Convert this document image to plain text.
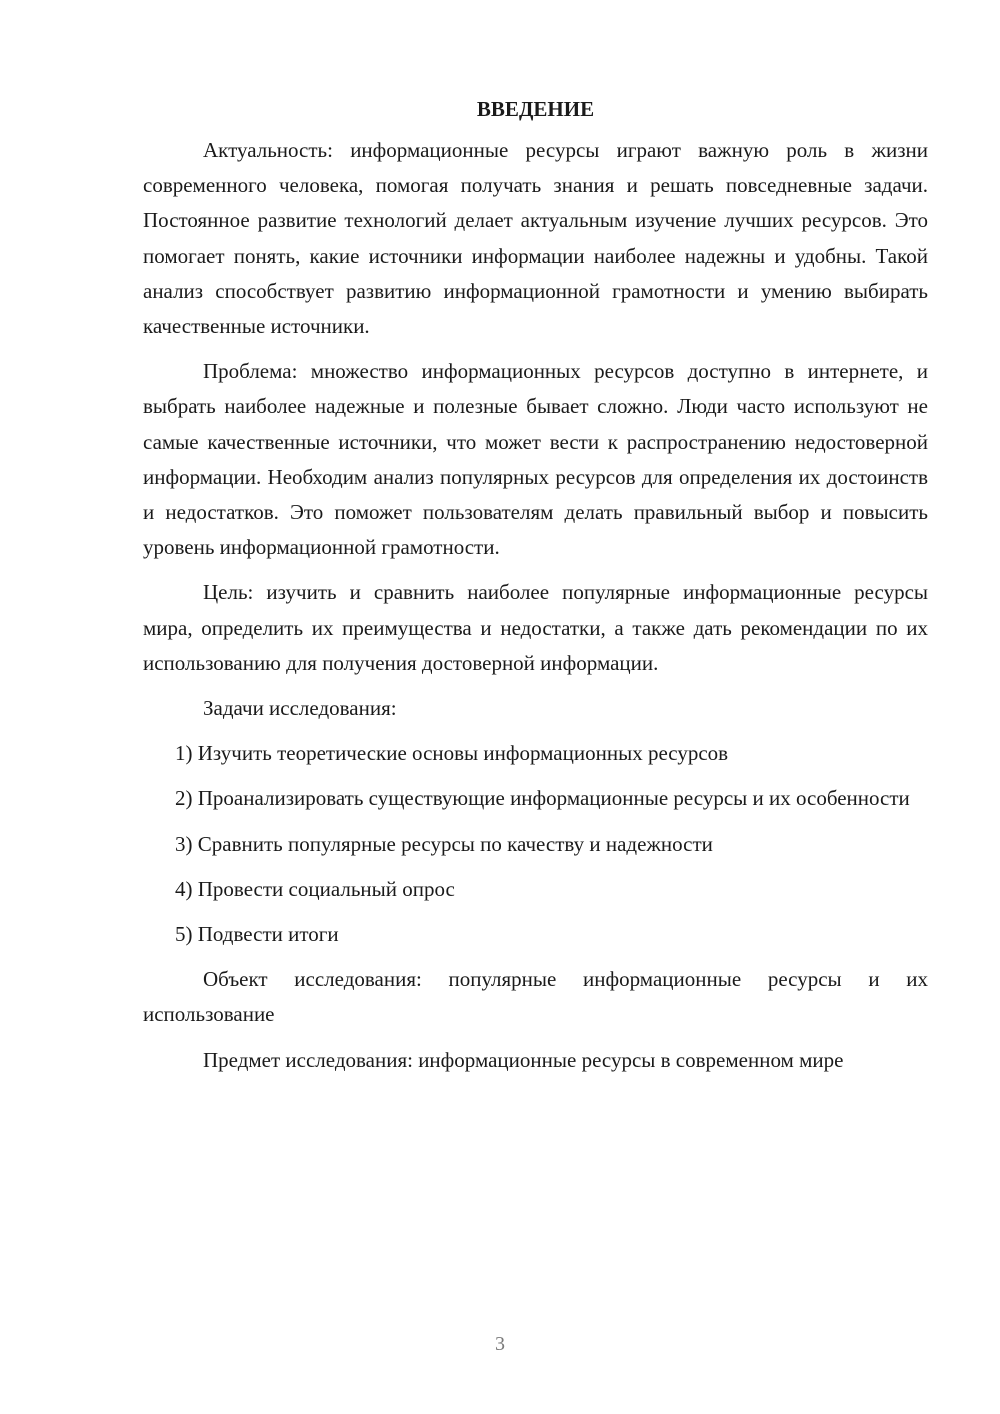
ВВЕДЕНИЕ

Актуальность: информационные ресурсы играют важную роль в жизни современного человека, помогая получать знания и решать повседневные задачи. Постоянное развитие технологий делает актуальным изучение лучших ресурсов. Это помогает понять, какие источники информации наиболее надежны и удобны. Такой анализ способствует развитию информационной грамотности и умению выбирать качественные источники.

Проблема: множество информационных ресурсов доступно в интернете, и выбрать наиболее надежные и полезные бывает сложно. Люди часто используют не самые качественные источники, что может вести к распространению недостоверной информации. Необходим анализ популярных ресурсов для определения их достоинств и недостатков. Это поможет пользователям делать правильный выбор и повысить уровень информационной грамотности.

Цель: изучить и сравнить наиболее популярные информационные ресурсы мира, определить их преимущества и недостатки, а также дать рекомендации по их использованию для получения достоверной информации.

Задачи исследования:

1) Изучить теоретические основы информационных ресурсов

2) Проанализировать существующие информационные ресурсы и их особенности

3) Сравнить популярные ресурсы по качеству и надежности

4) Провести социальный опрос

5) Подвести итоги

Объект исследования: популярные информационные ресурсы и их использование

Предмет исследования: информационные ресурсы в современном мире

3
